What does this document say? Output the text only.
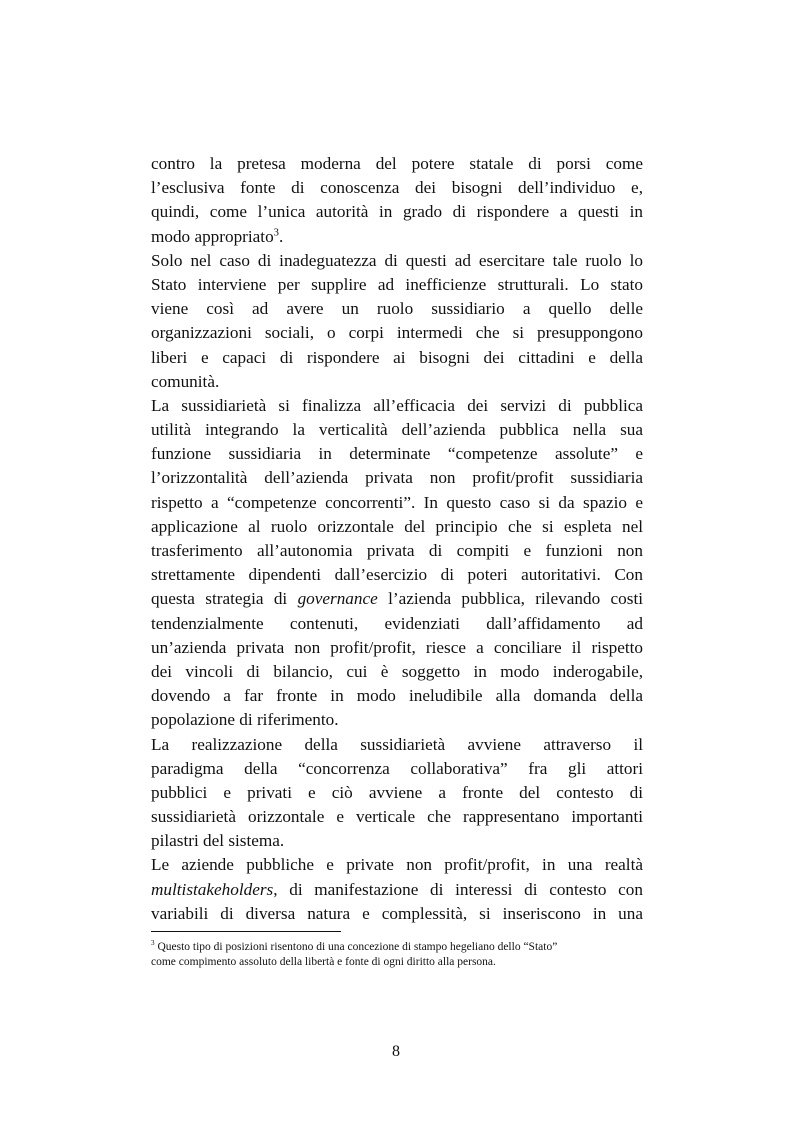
contro la pretesa moderna del potere statale di porsi come
l’esclusiva fonte di conoscenza dei bisogni dell’individuo e,
quindi, come l’unica autorità in grado di rispondere a questi in
modo appropriato$^3$.
Solo nel caso di inadeguatezza di questi ad esercitare tale ruolo lo
Stato interviene per supplire ad inefficienze strutturali. Lo stato
viene così ad avere un ruolo sussidiario a quello delle
organizzazioni sociali, o corpi intermedi che si presuppongono
liberi e capaci di rispondere ai bisogni dei cittadini e della
comunità.
La sussidiarietà si finalizza all’efficacia dei servizi di pubblica
utilità integrando la verticalità dell’azienda pubblica nella sua
funzione sussidiaria in determinate “competenze assolute” e
l’orizzontalità dell’azienda privata non profit/profit sussidiaria
rispetto a “competenze concorrenti”. In questo caso si da spazio e
applicazione al ruolo orizzontale del principio che si espleta nel
trasferimento all’autonomia privata di compiti e funzioni non
strettamente dipendenti dall’esercizio di poteri autoritativi. Con
questa strategia di governance l’azienda pubblica, rilevando costi
tendenzialmente contenuti, evidenziati dall’affidamento ad
un’azienda privata non profit/profit, riesce a conciliare il rispetto
dei vincoli di bilancio, cui è soggetto in modo inderogabile,
dovendo a far fronte in modo ineludibile alla domanda della
popolazione di riferimento.
La realizzazione della sussidiarietà avviene attraverso il
paradigma della “concorrenza collaborativa” fra gli attori
pubblici e privati e ciò avviene a fronte del contesto di
sussidiarietà orizzontale e verticale che rappresentano importanti
pilastri del sistema.
Le aziende pubbliche e private non profit/profit, in una realtà
multistakeholders, di manifestazione di interessi di contesto con
variabili di diversa natura e complessità, si inseriscono in una
$^3$ Questo tipo di posizioni risentono di una concezione di stampo hegeliano dello “Stato”
come compimento assoluto della libertà e fonte di ogni diritto alla persona.
8
